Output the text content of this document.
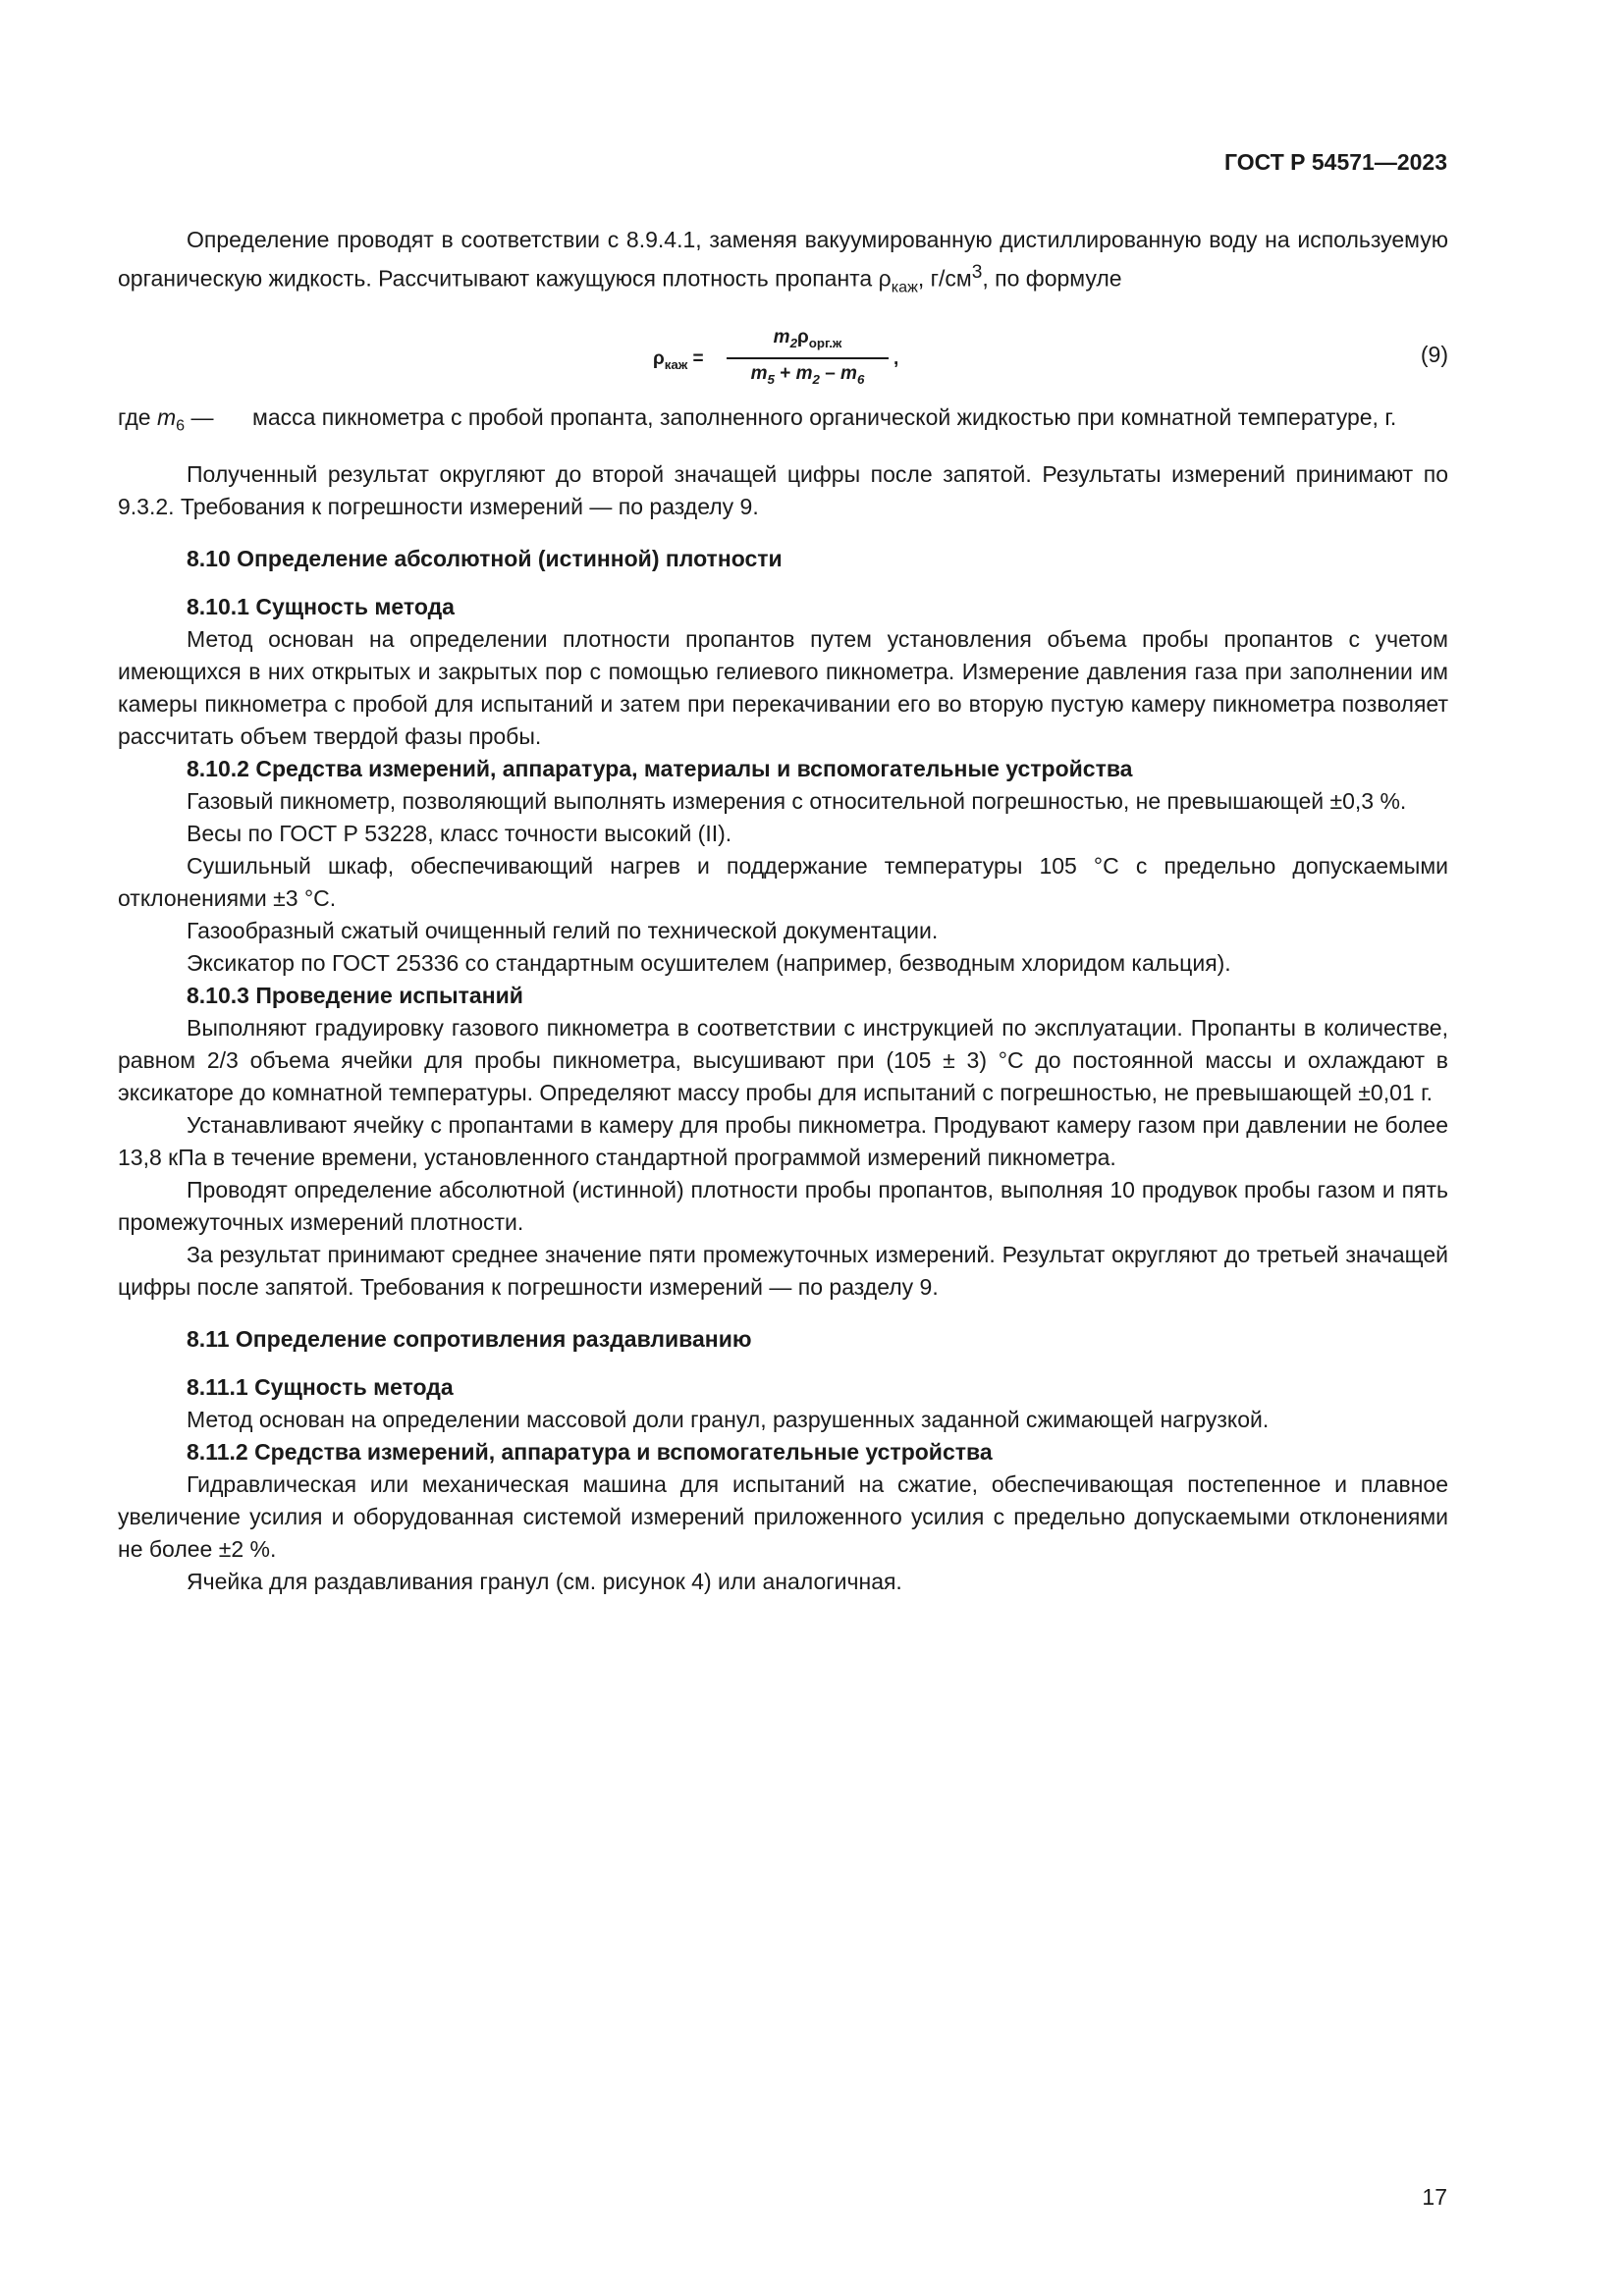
ГОСТ Р 54571—2023

Определение проводят в соответствии с 8.9.4.1, заменяя вакуумированную дистиллированную воду на используемую органическую жидкость. Рассчитывают кажущуюся плотность пропанта $\rho_{каж}$, $г/см^3$, по формуле

$\rho_{каж}$ =
$m_2\rho_{орг.ж}$
$m_5 + m_2 - m_6$
,	(9)
где $m_6$ —	масса пикнометра с пробой пропанта, заполненного органической жидкостью при комнатной температуре, г.

Полученный результат округляют до второй значащей цифры после запятой. Результаты измерений принимают по 9.3.2. Требования к погрешности измерений — по разделу 9.

8.10 Определение абсолютной (истинной) плотности

8.10.1 Сущность метода

Метод основан на определении плотности пропантов путем установления объема пробы пропантов с учетом имеющихся в них открытых и закрытых пор с помощью гелиевого пикнометра. Измерение давления газа при заполнении им камеры пикнометра с пробой для испытаний и затем при перекачивании его во вторую пустую камеру пикнометра позволяет рассчитать объем твердой фазы пробы.

8.10.2 Средства измерений, аппаратура, материалы и вспомогательные устройства

Газовый пикнометр, позволяющий выполнять измерения с относительной погрешностью, не превышающей ±0,3 %.

Весы по ГОСТ Р 53228, класс точности высокий (II).

Сушильный шкаф, обеспечивающий нагрев и поддержание температуры 105 °С с предельно допускаемыми отклонениями ±3 °С.

Газообразный сжатый очищенный гелий по технической документации.

Эксикатор по ГОСТ 25336 со стандартным осушителем (например, безводным хлоридом кальция).

8.10.3 Проведение испытаний

Выполняют градуировку газового пикнометра в соответствии с инструкцией по эксплуатации. Пропанты в количестве, равном 2/3 объема ячейки для пробы пикнометра, высушивают при (105 ± 3) °С до постоянной массы и охлаждают в эксикаторе до комнатной температуры. Определяют массу пробы для испытаний с погрешностью, не превышающей ±0,01 г.

Устанавливают ячейку с пропантами в камеру для пробы пикнометра. Продувают камеру газом при давлении не более 13,8 кПа в течение времени, установленного стандартной программой измерений пикнометра.

Проводят определение абсолютной (истинной) плотности пробы пропантов, выполняя 10 продувок пробы газом и пять промежуточных измерений плотности.

За результат принимают среднее значение пяти промежуточных измерений. Результат округляют до третьей значащей цифры после запятой. Требования к погрешности измерений — по разделу 9.

8.11 Определение сопротивления раздавливанию

8.11.1 Сущность метода

Метод основан на определении массовой доли гранул, разрушенных заданной сжимающей нагрузкой.

8.11.2 Средства измерений, аппаратура и вспомогательные устройства

Гидравлическая или механическая машина для испытаний на сжатие, обеспечивающая постепенное и плавное увеличение усилия и оборудованная системой измерений приложенного усилия с предельно допускаемыми отклонениями не более ±2 %.

Ячейка для раздавливания гранул (см. рисунок 4) или аналогичная.

17
